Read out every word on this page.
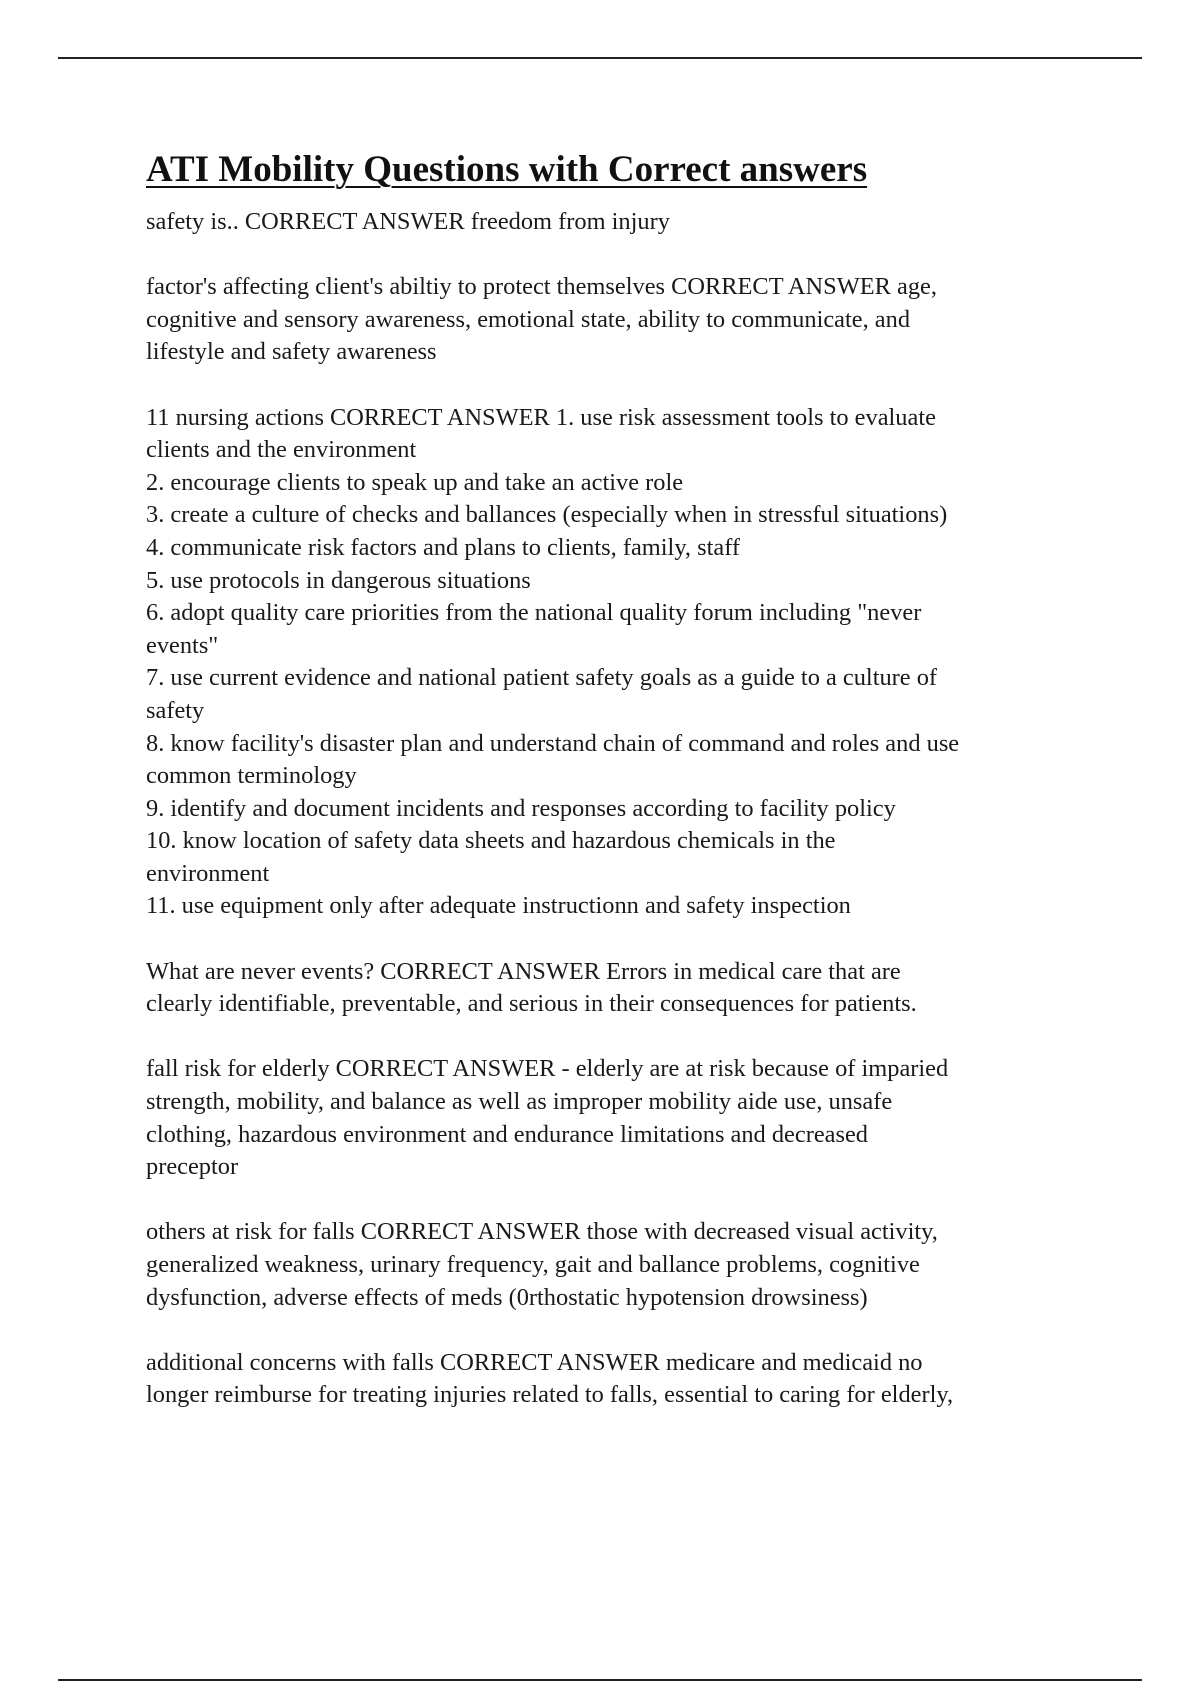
ATI Mobility Questions with Correct answers

safety is.. CORRECT ANSWER freedom from injury

factor's affecting client's abiltiy to protect themselves CORRECT ANSWER age,
cognitive and sensory awareness, emotional state, ability to communicate, and
lifestyle and safety awareness

11 nursing actions CORRECT ANSWER 1. use risk assessment tools to evaluate
clients and the environment
2. encourage clients to speak up and take an active role
3. create a culture of checks and ballances (especially when in stressful situations)
4. communicate risk factors and plans to clients, family, staff
5. use protocols in dangerous situations
6. adopt quality care priorities from the national quality forum including "never
events"
7. use current evidence and national patient safety goals as a guide to a culture of
safety
8. know facility's disaster plan and understand chain of command and roles and use
common terminology
9. identify and document incidents and responses according to facility policy
10. know location of safety data sheets and hazardous chemicals in the
environment
11. use equipment only after adequate instructionn and safety inspection

What are never events? CORRECT ANSWER Errors in medical care that are
clearly identifiable, preventable, and serious in their consequences for patients.

fall risk for elderly CORRECT ANSWER - elderly are at risk because of imparied
strength, mobility, and balance as well as improper mobility aide use, unsafe
clothing, hazardous environment and endurance limitations and decreased
preceptor

others at risk for falls CORRECT ANSWER those with decreased visual activity,
generalized weakness, urinary frequency, gait and ballance problems, cognitive
dysfunction, adverse effects of meds (0rthostatic hypotension drowsiness)

additional concerns with falls CORRECT ANSWER medicare and medicaid no
longer reimburse for treating injuries related to falls, essential to caring for elderly,
